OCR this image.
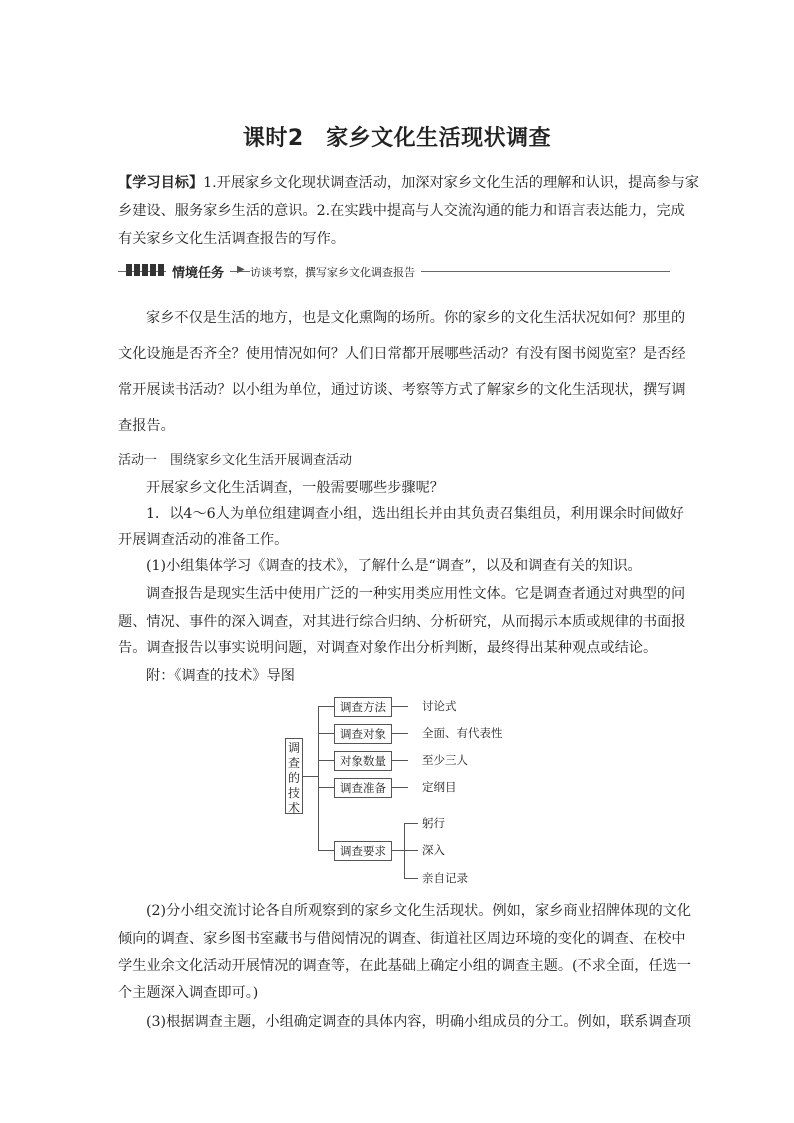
课时2　家乡文化生活现状调查
【学习目标】1.开展家乡文化现状调查活动，加深对家乡文化生活的理解和认识，提高参与家
乡建设、服务家乡生活的意识。2.在实践中提高与人交流沟通的能力和语言表达能力，完成
有关家乡文化生活调查报告的写作。
情境任务	▶ 访谈考察，撰写家乡文化调查报告
家乡不仅是生活的地方，也是文化熏陶的场所。你的家乡的文化生活状况如何？那里的
文化设施是否齐全？使用情况如何？人们日常都开展哪些活动？有没有图书阅览室？是否经
常开展读书活动？以小组为单位，通过访谈、考察等方式了解家乡的文化生活现状，撰写调
查报告。
活动一　围绕家乡文化生活开展调查活动
开展家乡文化生活调查，一般需要哪些步骤呢？
1．以4～6人为单位组建调查小组，选出组长并由其负责召集组员，利用课余时间做好
开展调查活动的准备工作。
(1)小组集体学习《调查的技术》，了解什么是“调查”，以及和调查有关的知识。
调查报告是现实生活中使用广泛的一种实用类应用性文体。它是调查者通过对典型的问
题、情况、事件的深入调查，对其进行综合归纳、分析研究，从而揭示本质或规律的书面报
告。调查报告以事实说明问题，对调查对象作出分析判断，最终得出某种观点或结论。
附：《调查的技术》导图
调查的技术
调查方法
调查对象
对象数量
调查准备
调查要求
讨论式
全面、有代表性
至少三人
定纲目
躬行
深入
亲自记录
(2)分小组交流讨论各自所观察到的家乡文化生活现状。例如，家乡商业招牌体现的文化
倾向的调查、家乡图书室藏书与借阅情况的调查、街道社区周边环境的变化的调查、在校中
学生业余文化活动开展情况的调查等，在此基础上确定小组的调查主题。(不求全面，任选一
个主题深入调查即可。)
(3)根据调查主题，小组确定调查的具体内容，明确小组成员的分工。例如，联系调查项
